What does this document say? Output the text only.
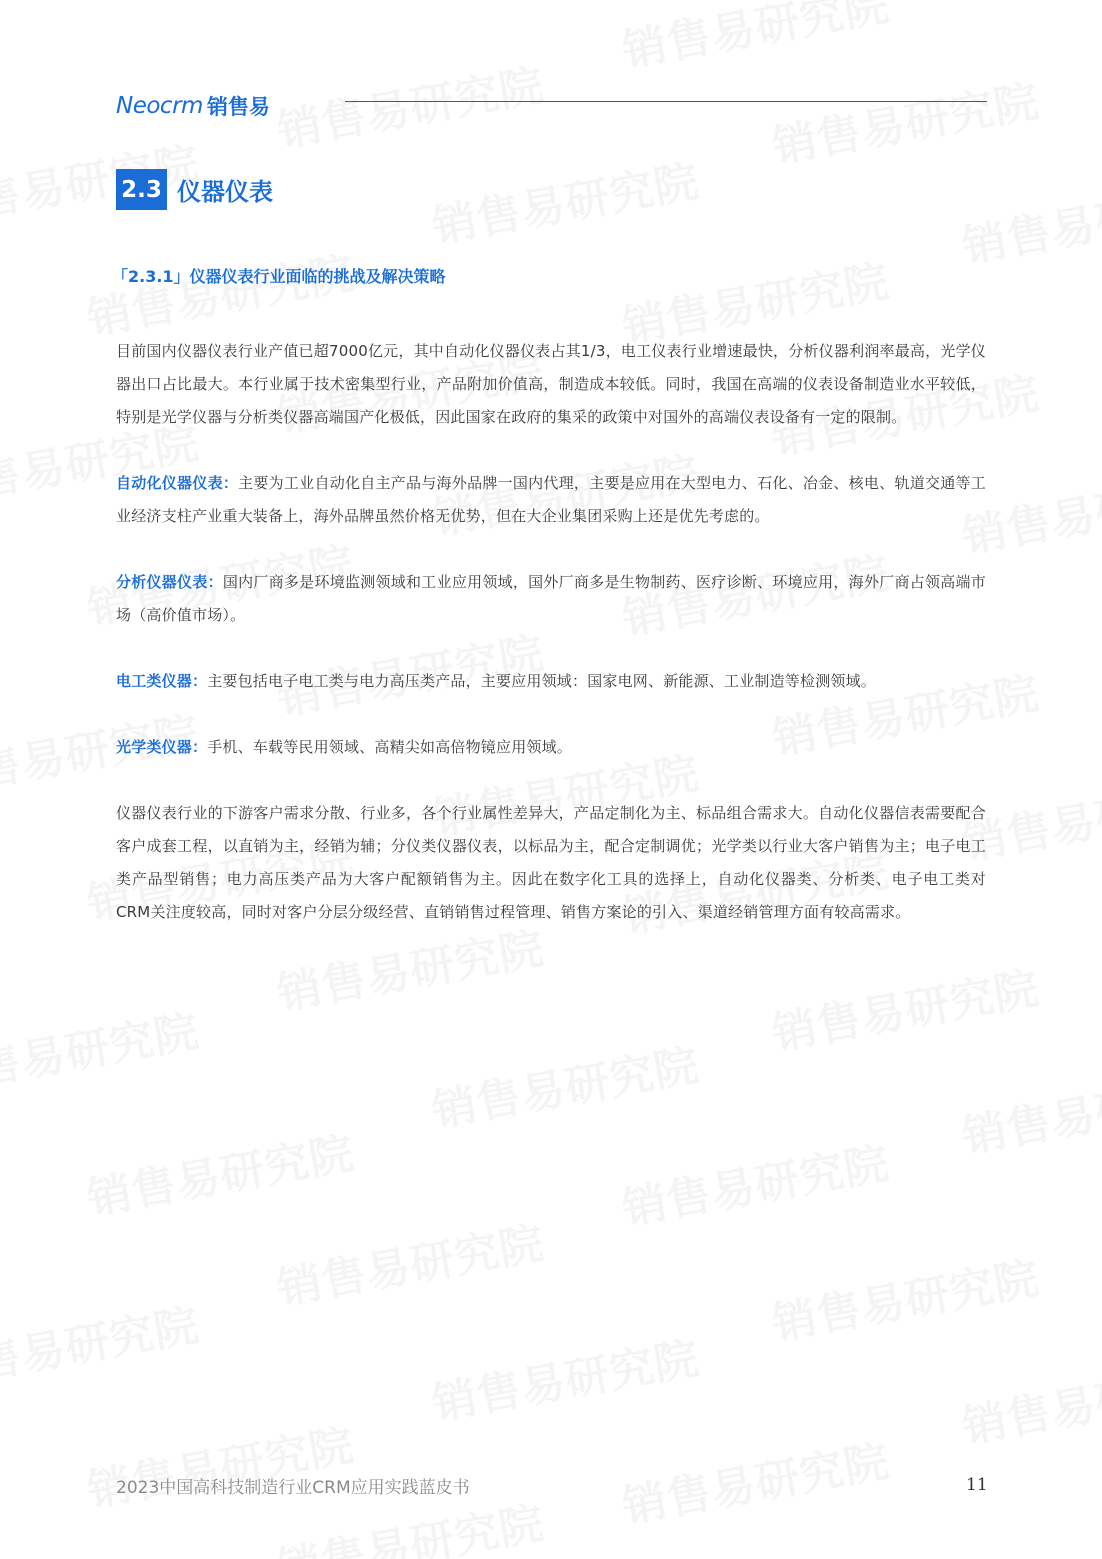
Neocrm 销售易
2.3 仪器仪表
「2.3.1」仪器仪表行业面临的挑战及解决策略

目前国内仪器仪表行业产值已超7000亿元，其中自动化仪器仪表占其1/3，电工仪表行业增速最快，分析仪器利润率最高，光学仪器出口占比最大。本行业属于技术密集型行业，产品附加价值高，制造成本较低。同时，我国在高端的仪表设备制造业水平较低，特别是光学仪器与分析类仪器高端国产化极低，因此国家在政府的集采的政策中对国外的高端仪表设备有一定的限制。

自动化仪器仪表：主要为工业自动化自主产品与海外品牌一国内代理，主要是应用在大型电力、石化、冶金、核电、轨道交通等工业经济支柱产业重大装备上，海外品牌虽然价格无优势，但在大企业集团采购上还是优先考虑的。

分析仪器仪表：国内厂商多是环境监测领域和工业应用领域，国外厂商多是生物制药、医疗诊断、环境应用，海外厂商占领高端市场（高价值市场）。

电工类仪器：主要包括电子电工类与电力高压类产品，主要应用领域：国家电网、新能源、工业制造等检测领域。

光学类仪器：手机、车载等民用领域、高精尖如高倍物镜应用领域。

仪器仪表行业的下游客户需求分散、行业多，各个行业属性差异大，产品定制化为主、标品组合需求大。自动化仪器信表需要配合客户成套工程，以直销为主，经销为辅；分仪类仪器仪表，以标品为主，配合定制调优；光学类以行业大客户销售为主；电子电工类产品型销售；电力高压类产品为大客户配额销售为主。因此在数字化工具的选择上，自动化仪器类、分析类、电子电工类对CRM关注度较高，同时对客户分层分级经营、直销销售过程管理、销售方案论的引入、渠道经销管理方面有较高需求。

2023中国高科技制造行业CRM应用实践蓝皮书	11
